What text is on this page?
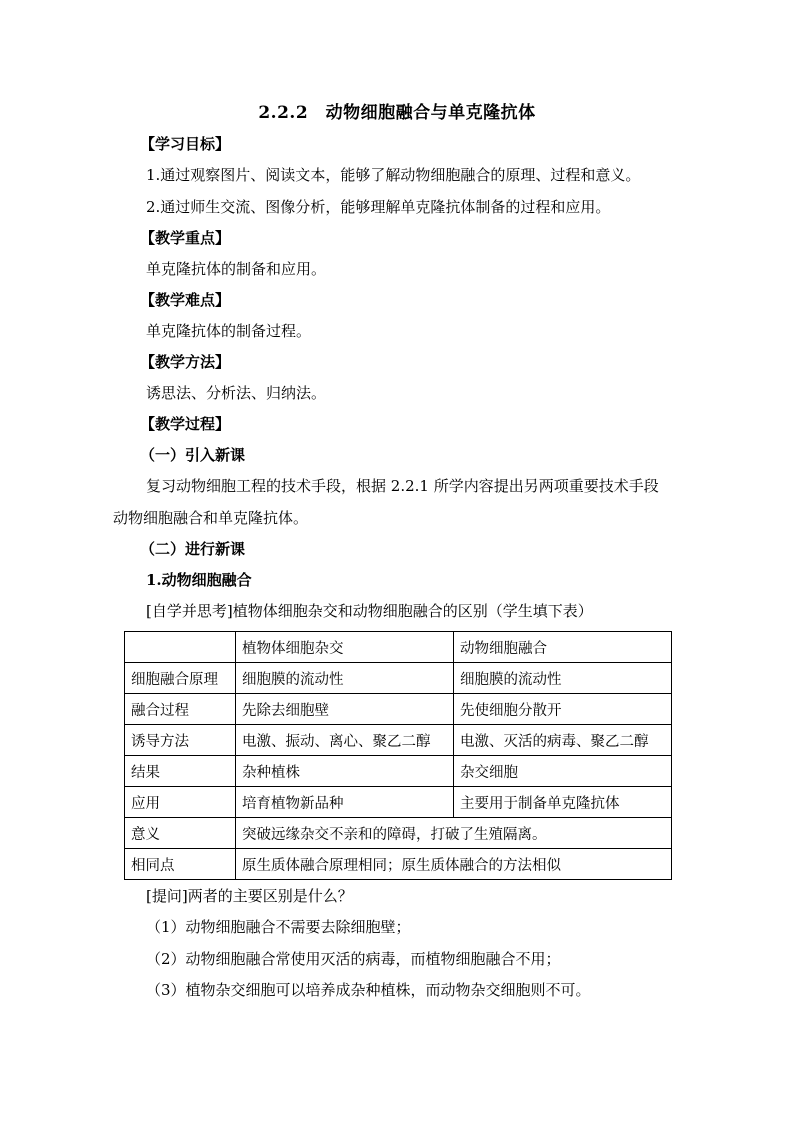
2.2.2　动物细胞融合与单克隆抗体
【学习目标】
1.通过观察图片、阅读文本，能够了解动物细胞融合的原理、过程和意义。
2.通过师生交流、图像分析，能够理解单克隆抗体制备的过程和应用。
【教学重点】
单克隆抗体的制备和应用。
【教学难点】
单克隆抗体的制备过程。
【教学方法】
诱思法、分析法、归纳法。
【教学过程】
（一）引入新课
复习动物细胞工程的技术手段，根据 2.2.1 所学内容提出另两项重要技术手段
动物细胞融合和单克隆抗体。
（二）进行新课
1.动物细胞融合
[自学并思考]植物体细胞杂交和动物细胞融合的区别（学生填下表）
	植物体细胞杂交	动物细胞融合
细胞融合原理	细胞膜的流动性	细胞膜的流动性
融合过程	先除去细胞壁	先使细胞分散开
诱导方法	电激、振动、离心、聚乙二醇	电激、灭活的病毒、聚乙二醇
结果	杂种植株	杂交细胞
应用	培育植物新品种	主要用于制备单克隆抗体
意义	突破远缘杂交不亲和的障碍，打破了生殖隔离。	
相同点	原生质体融合原理相同；原生质体融合的方法相似	
[提问]两者的主要区别是什么？
（1）动物细胞融合不需要去除细胞壁；
（2）动物细胞融合常使用灭活的病毒，而植物细胞融合不用；
（3）植物杂交细胞可以培养成杂种植株，而动物杂交细胞则不可。
